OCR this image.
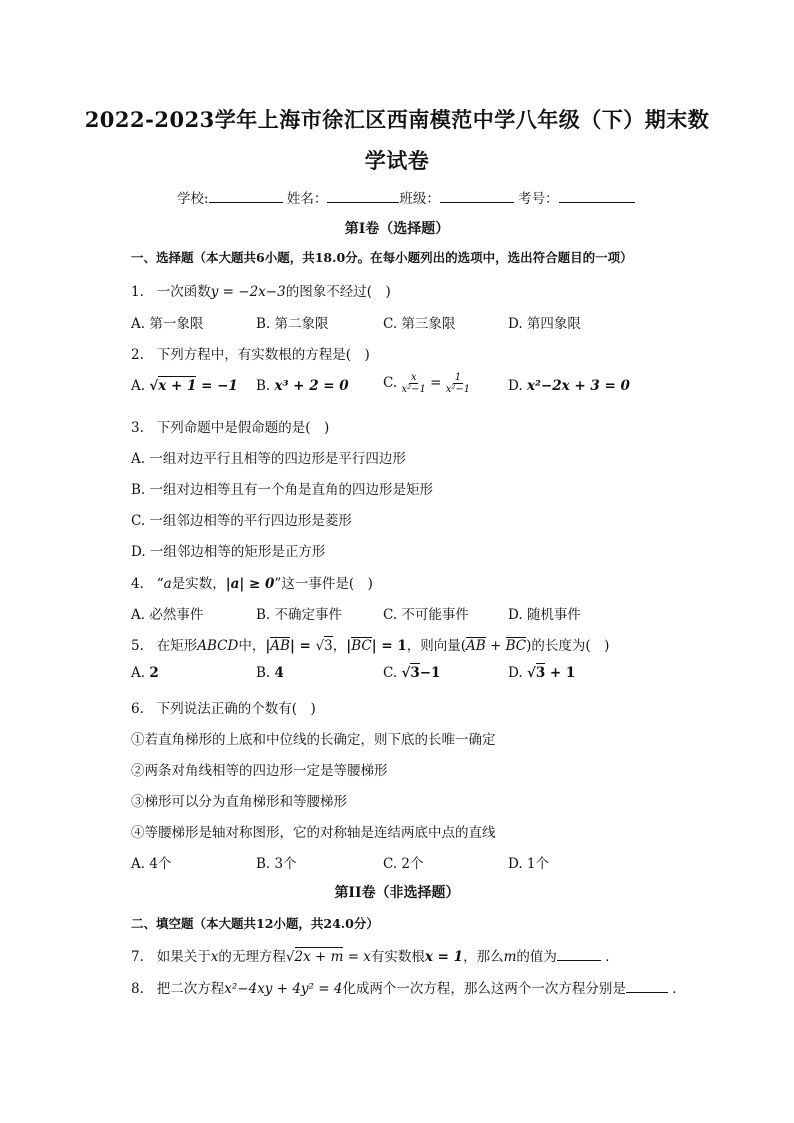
2022-2023学年上海市徐汇区西南模范中学八年级（下）期末数
学试卷
学校:	姓名：	班级：	考号：
第I卷（选择题）
一、选择题（本大题共6小题，共18.0分。在每小题列出的选项中，选出符合题目的一项）
1. 一次函数y = −2x−3的图象不经过(　)
A. 第一象限	B. 第二象限	C. 第三象限	D. 第四象限
2. 下列方程中，有实数根的方程是(　)
A. √x + 1 = −1 B. x³ + 2 = 0	C. $\frac{x}{\text{x²−1}} = \frac{1}{\text{x²−1}}$	D. x²−2x + 3 = 0
3. 下列命题中是假命题的是(　)
A. 一组对边平行且相等的四边形是平行四边形
B. 一组对边相等且有一个角是直角的四边形是矩形
C. 一组邻边相等的平行四边形是菱形
D. 一组邻边相等的矩形是正方形
4. “a是实数，|a| ≥ 0”这一事件是(　)
A. 必然事件	B. 不确定事件	C. 不可能事件	D. 随机事件
5. 在矩形ABCD中，|AB| = √3，|BC| = 1，则向量(AB + BC)的长度为(　)
A. 2	B. 4	C. √3−1	D. √3 + 1
6. 下列说法正确的个数有(　)
①若直角梯形的上底和中位线的长确定，则下底的长唯一确定
②两条对角线相等的四边形一定是等腰梯形
③梯形可以分为直角梯形和等腰梯形
④等腰梯形是轴对称图形，它的对称轴是连结两底中点的直线
A. 4个	B. 3个	C. 2个	D. 1个
第II卷（非选择题）
二、填空题（本大题共12小题，共24.0分）
7. 如果关于x的无理方程√2x + m = x有实数根x = 1，那么m的值为	．
8. 把二次方程x²−4xy + 4y² = 4化成两个一次方程，那么这两个一次方程分别是	．
